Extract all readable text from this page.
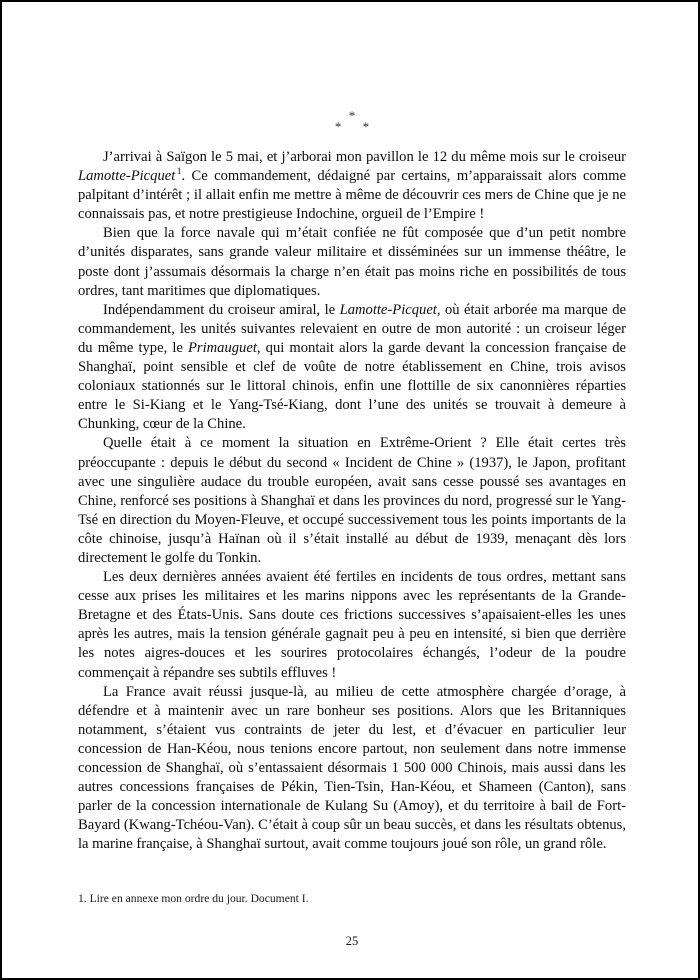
*
* *

J’arrivai à Saïgon le 5 mai, et j’arborai mon pavillon le 12 du même mois sur le croiseur Lamotte-Picquet $^1$. Ce commandement, dédaigné par certains, m’apparaissait alors comme palpitant d’intérêt ; il allait enfin me mettre à même de découvrir ces mers de Chine que je ne connaissais pas, et notre prestigieuse Indochine, orgueil de l’Empire !

Bien que la force navale qui m’était confiée ne fût composée que d’un petit nombre d’unités disparates, sans grande valeur militaire et disséminées sur un immense théâtre, le poste dont j’assumais désormais la charge n’en était pas moins riche en possibilités de tous ordres, tant maritimes que diplomatiques.

Indépendamment du croiseur amiral, le Lamotte-Picquet, où était arborée ma marque de commandement, les unités suivantes relevaient en outre de mon autorité : un croiseur léger du même type, le Primauguet, qui montait alors la garde devant la concession française de Shanghaï, point sensible et clef de voûte de notre établissement en Chine, trois avisos coloniaux stationnés sur le littoral chinois, enfin une flottille de six canonnières réparties entre le Si-Kiang et le Yang-Tsé-Kiang, dont l’une des unités se trouvait à demeure à Chunking, cœur de la Chine.

Quelle était à ce moment la situation en Extrême-Orient ? Elle était certes très préoccupante : depuis le début du second « Incident de Chine » (1937), le Japon, profitant avec une singulière audace du trouble européen, avait sans cesse poussé ses avantages en Chine, renforcé ses positions à Shanghaï et dans les provinces du nord, progressé sur le Yang-Tsé en direction du Moyen-Fleuve, et occupé successivement tous les points importants de la côte chinoise, jusqu’à Haïnan où il s’était installé au début de 1939, menaçant dès lors directement le golfe du Tonkin.

Les deux dernières années avaient été fertiles en incidents de tous ordres, mettant sans cesse aux prises les militaires et les marins nippons avec les représentants de la Grande-Bretagne et des États-Unis. Sans doute ces frictions successives s’apaisaient-elles les unes après les autres, mais la tension générale gagnait peu à peu en intensité, si bien que derrière les notes aigres-douces et les sourires protocolaires échangés, l’odeur de la poudre commençait à répandre ses subtils effluves !

La France avait réussi jusque-là, au milieu de cette atmosphère chargée d’orage, à défendre et à maintenir avec un rare bonheur ses positions. Alors que les Britanniques notamment, s’étaient vus contraints de jeter du lest, et d’évacuer en particulier leur concession de Han-Kéou, nous tenions encore partout, non seulement dans notre immense concession de Shanghaï, où s’entassaient désormais 1 500 000 Chinois, mais aussi dans les autres concessions françaises de Pékin, Tien-Tsin, Han-Kéou, et Shameen (Canton), sans parler de la concession internationale de Kulang Su (Amoy), et du territoire à bail de Fort-Bayard (Kwang-Tchéou-Van). C’était à coup sûr un beau succès, et dans les résultats obtenus, la marine française, à Shanghaï surtout, avait comme toujours joué son rôle, un grand rôle.

1. Lire en annexe mon ordre du jour. Document I.
25
